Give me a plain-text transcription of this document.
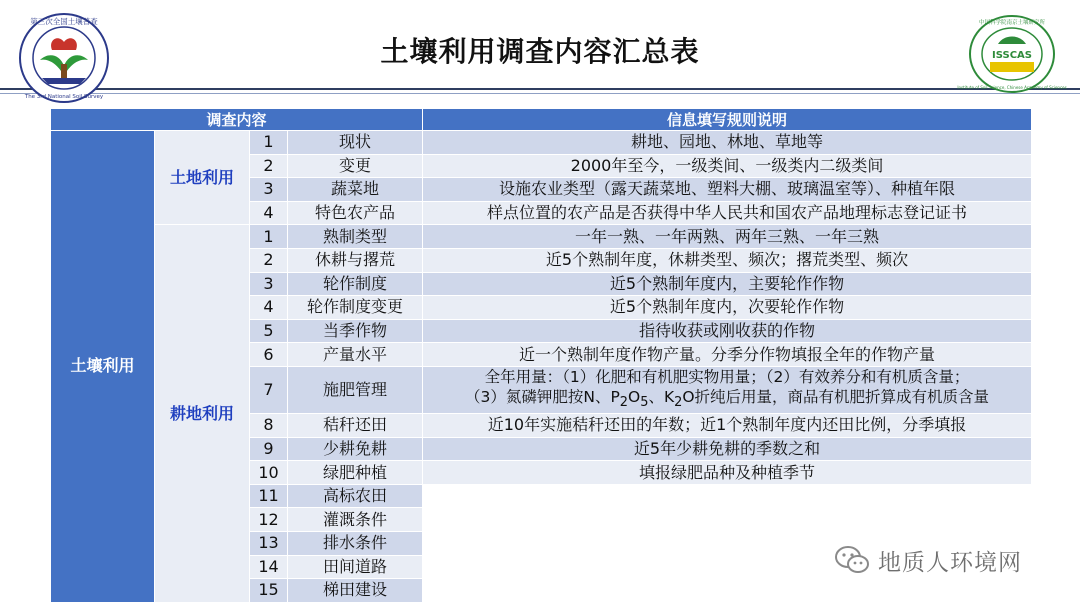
土壤利用调查内容汇总表
第三次全国土壤普查
The 3rd National Soil Survey
ISSCAS
中国科学院南京土壤研究所
Institute of Soil Science, Chinese Academy of Sciences
调查内容				信息填写规则说明
土壤利用	土地利用	1	现状	耕地、园地、林地、草地等
		2	变更	2000年至今，一级类间、一级类内二级类间
		3	蔬菜地	设施农业类型（露天蔬菜地、塑料大棚、玻璃温室等）、种植年限
		4	特色农产品	样点位置的农产品是否获得中华人民共和国农产品地理标志登记证书
	耕地利用	1	熟制类型	一年一熟、一年两熟、两年三熟、一年三熟
		2	休耕与撂荒	近5个熟制年度，休耕类型、频次；撂荒类型、频次
		3	轮作制度	近5个熟制年度内，主要轮作作物
		4	轮作制度变更	近5个熟制年度内，次要轮作作物
		5	当季作物	指待收获或刚收获的作物
		6	产量水平	近一个熟制年度作物产量。分季分作物填报全年的作物产量
		7	施肥管理	全年用量：（1）化肥和有机肥实物用量；（2）有效养分和有机质含量；
（3）氮磷钾肥按N、$P_2O_5$、$K_2O$折纯后用量，商品有机肥折算成有机质含量

		8	秸秆还田	近10年实施秸秆还田的年数；近1个熟制年度内还田比例，分季填报
		9	少耕免耕	近5年少耕免耕的季数之和
		10	绿肥种植	填报绿肥品种及种植季节
		11	高标农田	
		12	灌溉条件	
		13	排水条件	
		14	田间道路	
		15	梯田建设	
地质人环境网
